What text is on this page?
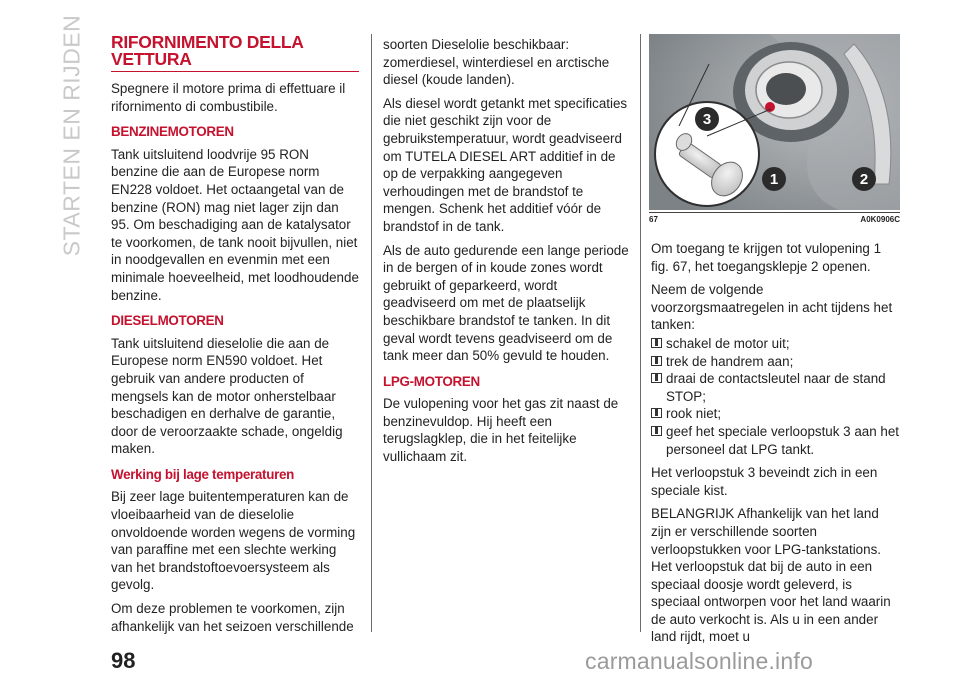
STARTEN EN RIJDEN RIFORNIMENTO DELLA VETTURA

Spegnere il motore prima di effettuare il rifornimento di combustibile.

BENZINEMOTOREN

Tank uitsluitend loodvrije 95 RON benzine die aan de Europese norm EN228 voldoet. Het octaangetal van de benzine (RON) mag niet lager zijn dan 95. Om beschadiging aan de katalysator te voorkomen, de tank nooit bijvullen, niet in noodgevallen en evenmin met een minimale hoeveelheid, met loodhoudende benzine.

DIESELMOTOREN

Tank uitsluitend dieselolie die aan de Europese norm EN590 voldoet. Het gebruik van andere producten of mengsels kan de motor onherstelbaar beschadigen en derhalve de garantie, door de veroorzaakte schade, ongeldig maken.

Werking bij lage temperaturen

Bij zeer lage buitentemperaturen kan de vloeibaarheid van de dieselolie onvoldoende worden wegens de vorming van paraffine met een slechte werking van het brandstoftoevoersysteem als gevolg.

Om deze problemen te voorkomen, zijn afhankelijk van het seizoen verschillende

soorten Dieselolie beschikbaar: zomerdiesel, winterdiesel en arctische diesel (koude landen).

Als diesel wordt getankt met specificaties die niet geschikt zijn voor de gebruikstemperatuur, wordt geadviseerd om TUTELA DIESEL ART additief in de op de verpakking aangegeven verhoudingen met de brandstof te mengen. Schenk het additief vóór de brandstof in de tank.

Als de auto gedurende een lange periode in de bergen of in koude zones wordt gebruikt of geparkeerd, wordt geadviseerd om met de plaatselijk beschikbare brandstof te tanken. In dit geval wordt tevens geadviseerd om de tank meer dan 50% gevuld te houden.

LPG-MOTOREN

De vulopening voor het gas zit naast de benzinevuldop. Hij heeft een terugslagklep, die in het feitelijke vullichaam zit.

3
1	2
67	A0K0906C

Om toegang te krijgen tot vulopening 1 fig. 67, het toegangsklepje 2 openen.

Neem de volgende voorzorgsmaatregelen in acht tijdens het tanken:

schakel de motor uit;
trek de handrem aan;
draai de contactsleutel naar de stand STOP;
rook niet;
geef het speciale verloopstuk 3 aan het personeel dat LPG tankt.

Het verloopstuk 3 beveindt zich in een speciale kist.

BELANGRIJK Afhankelijk van het land zijn er verschillende soorten verloopstukken voor LPG-tankstations. Het verloopstuk dat bij de auto in een speciaal doosje wordt geleverd, is speciaal ontworpen voor het land waarin de auto verkocht is. Als u in een ander land rijdt, moet u

98	carmanualsonline.info
